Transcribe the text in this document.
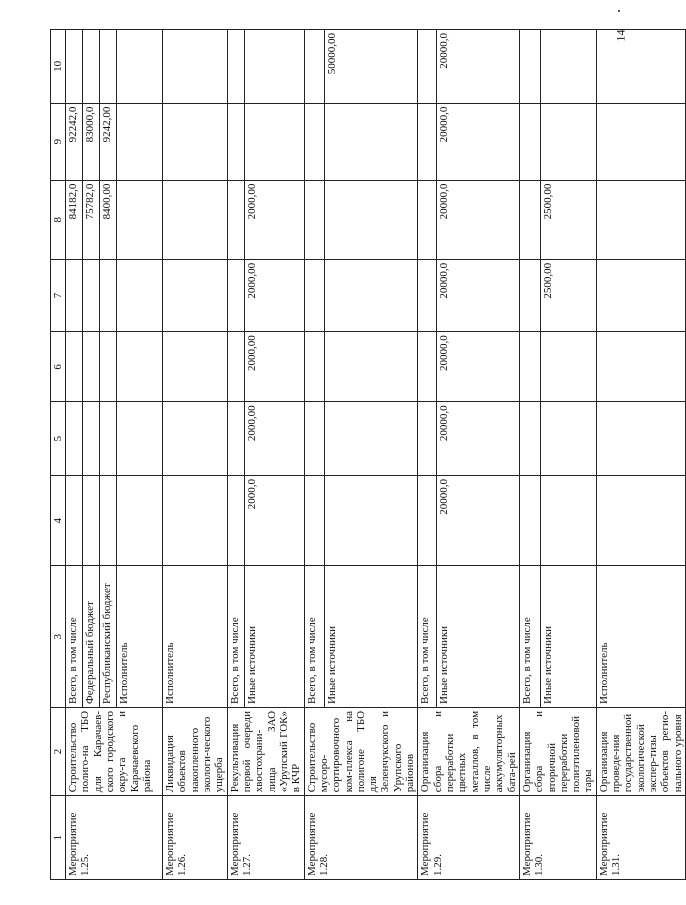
14
1	2	3	4	5	6	7	8	9	10
Мероприятие 1.25.	Строительство полиго-на ТБО для Карачаев-ского городского окру-га и Карачаевского района	Всего, в том числе					84182,0	92242,0	
		Федеральный бюджет					75782,0	83000,0	
		Республиканский бюджет					8400,00	9242,00	
		Исполнитель							
Мероприятие 1.26.	Ликвидация объектов накопленного экологи-ческого ущерба	Исполнитель							
Мероприятие 1.27.	Рекультивация первой очереди хвостохрани-лища ЗАО «Урупский ГОК» в КЧР	Всего, в том числе							
		Иные источники	2000,0	2000,00	2000,00	2000,00	2000,00		
Мероприятие 1.28.	Строительство мусоро-сортировочного ком-плекса на полигоне ТБО для Зеленчукского и Урупского районов	Всего, в том числе							
		Иные источники							50000,00
Мероприятие 1.29.	Организация сбора и переработки цветных металлов, в том числе аккумуляторных бата-рей	Всего, в том числе							
		Иные источники	20000,0	20000,0	20000,0	20000,0	20000,0	20000,0	20000,0
Мероприятие 1.30.	Организация сбора и вторичной переработки полиэтиленовой тары	Всего, в том числе							
		Иные источники				2500,00	2500,00		
Мероприятие 1.31.	Организация проведе-ния государственной экологической экспер-тизы объектов регио-нального уровня	Исполнитель							
